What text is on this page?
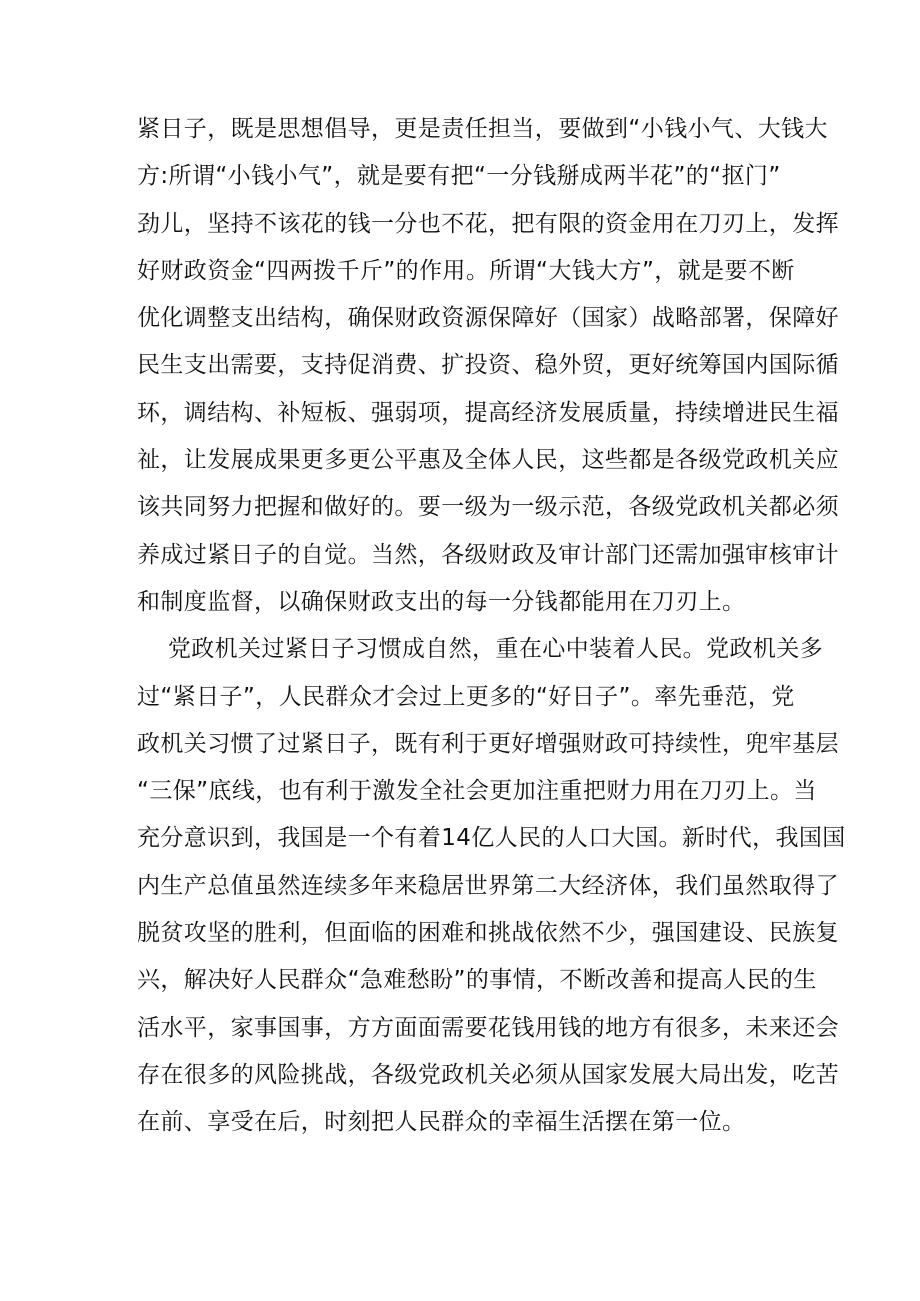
紧日子，既是思想倡导，更是责任担当，要做到“小钱小气、大钱大
方:所谓“小钱小气”，就是要有把“一分钱掰成两半花”的“抠门”
劲儿，坚持不该花的钱一分也不花，把有限的资金用在刀刃上，发挥
好财政资金“四两拨千斤”的作用。所谓“大钱大方”，就是要不断
优化调整支出结构，确保财政资源保障好（国家）战略部署，保障好
民生支出需要，支持促消费、扩投资、稳外贸，更好统筹国内国际循
环，调结构、补短板、强弱项，提高经济发展质量，持续增进民生福
祉，让发展成果更多更公平惠及全体人民，这些都是各级党政机关应
该共同努力把握和做好的。要一级为一级示范，各级党政机关都必须
养成过紧日子的自觉。当然，各级财政及审计部门还需加强审核审计
和制度监督，以确保财政支出的每一分钱都能用在刀刃上。
党政机关过紧日子习惯成自然，重在心中装着人民。党政机关多
过“紧日子”，人民群众才会过上更多的“好日子”。率先垂范，党
政机关习惯了过紧日子，既有利于更好增强财政可持续性，兜牢基层
“三保”底线，也有利于激发全社会更加注重把财力用在刀刃上。当
充分意识到，我国是一个有着14亿人民的人口大国。新时代，我国国
内生产总值虽然连续多年来稳居世界第二大经济体，我们虽然取得了
脱贫攻坚的胜利，但面临的困难和挑战依然不少，强国建设、民族复
兴，解决好人民群众“急难愁盼”的事情，不断改善和提高人民的生
活水平，家事国事，方方面面需要花钱用钱的地方有很多，未来还会
存在很多的风险挑战，各级党政机关必须从国家发展大局出发，吃苦
在前、享受在后，时刻把人民群众的幸福生活摆在第一位。
